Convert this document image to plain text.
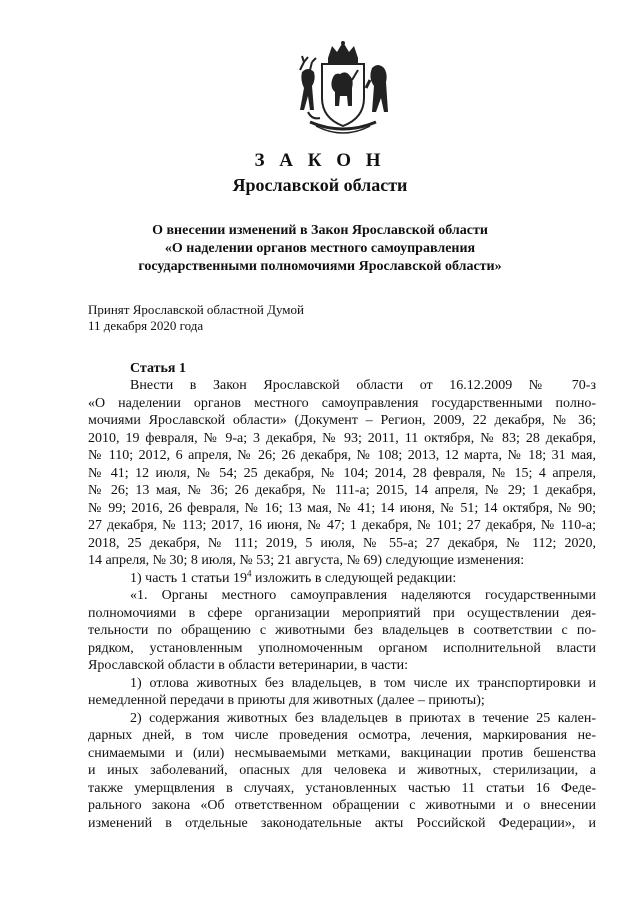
З А К О Н
Ярославской области
О внесении изменений в Закон Ярославской области
«О наделении органов местного самоуправления
государственными полномочиями Ярославской области»
Принят Ярославской областной Думой
11 декабря 2020 года
Статья 1
Внести в Закон Ярославской области от 16.12.2009 № 70-з
«О наделении органов местного самоуправления государственными полно-
мочиями Ярославской области» (Документ – Регион, 2009, 22 декабря, № 36;
2010, 19 февраля, № 9-а; 3 декабря, № 93; 2011, 11 октября, № 83; 28 декабря,
№ 110; 2012, 6 апреля, № 26; 26 декабря, № 108; 2013, 12 марта, № 18; 31 мая,
№ 41; 12 июля, № 54; 25 декабря, № 104; 2014, 28 февраля, № 15; 4 апреля,
№ 26; 13 мая, № 36; 26 декабря, № 111-а; 2015, 14 апреля, № 29; 1 декабря,
№ 99; 2016, 26 февраля, № 16; 13 мая, № 41; 14 июня, № 51; 14 октября, № 90;
27 декабря, № 113; 2017, 16 июня, № 47; 1 декабря, № 101; 27 декабря, № 110-а;
2018, 25 декабря, № 111; 2019, 5 июля, № 55-а; 27 декабря, № 112; 2020,
14 апреля, № 30; 8 июля, № 53; 21 августа, № 69) следующие изменения:
1) часть 1 статьи $19^4$ изложить в следующей редакции:
«1. Органы местного самоуправления наделяются государственными
полномочиями в сфере организации мероприятий при осуществлении дея-
тельности по обращению с животными без владельцев в соответствии с по-
рядком, установленным уполномоченным органом исполнительной власти
Ярославской области в области ветеринарии, в части:
1) отлова животных без владельцев, в том числе их транспортировки и
немедленной передачи в приюты для животных (далее – приюты);
2) содержания животных без владельцев в приютах в течение 25 кален-
дарных дней, в том числе проведения осмотра, лечения, маркирования не-
снимаемыми и (или) несмываемыми метками, вакцинации против бешенства
и иных заболеваний, опасных для человека и животных, стерилизации, а
также умерщвления в случаях, установленных частью 11 статьи 16 Феде-
рального закона «Об ответственном обращении с животными и о внесении
изменений в отдельные законодательные акты Российской Федерации», и
